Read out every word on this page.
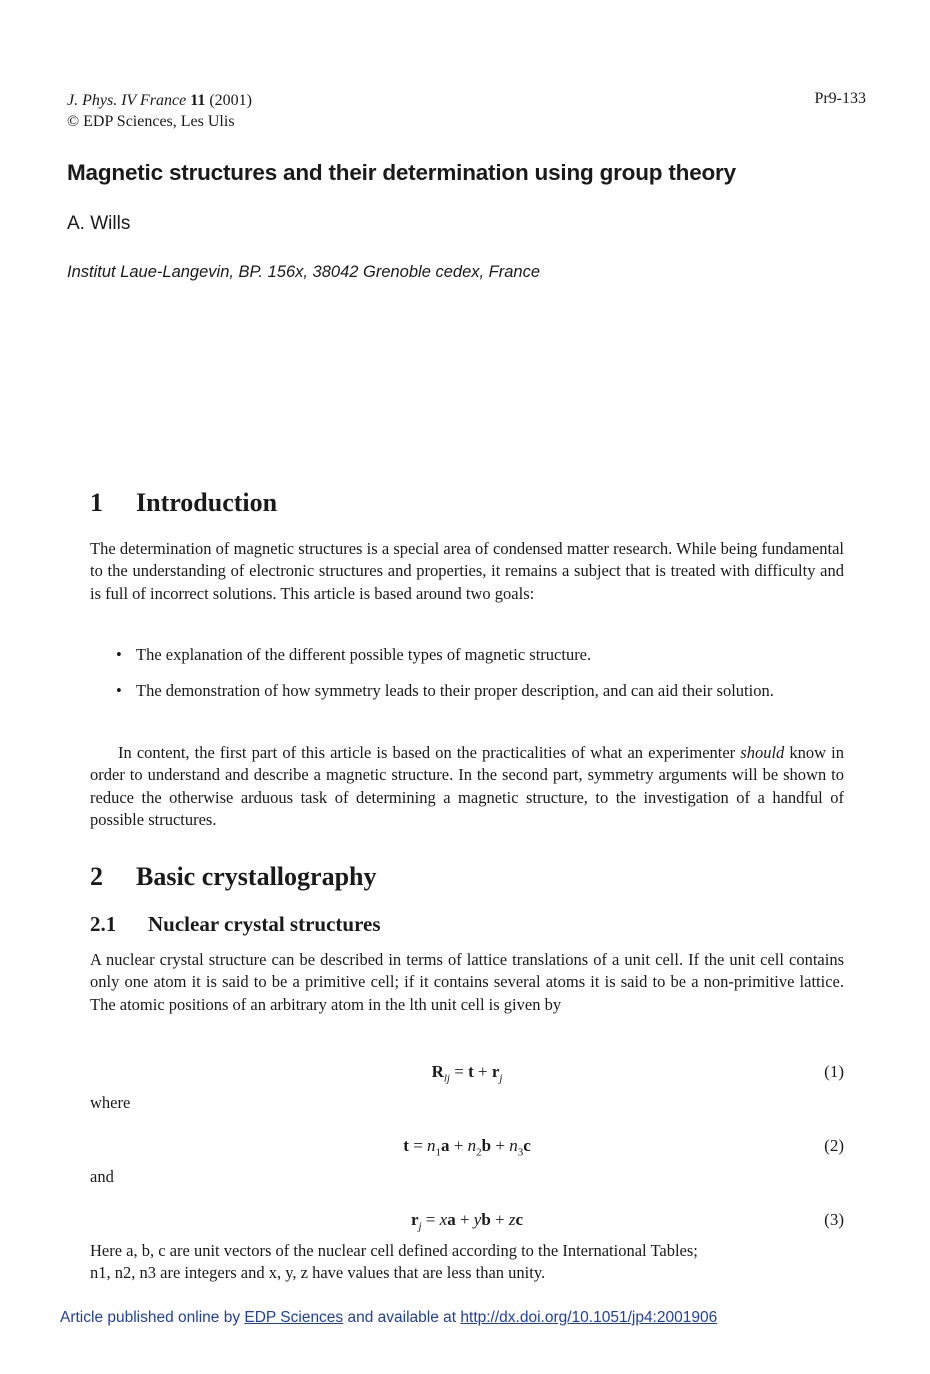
J. Phys. IV France 11 (2001)
© EDP Sciences, Les Ulis
Pr9-133
Magnetic structures and their determination using group theory
A. Wills
Institut Laue-Langevin, BP. 156x, 38042 Grenoble cedex, France
1 Introduction
The determination of magnetic structures is a special area of condensed matter research. While being fundamental to the understanding of electronic structures and properties, it remains a subject that is treated with difficulty and is full of incorrect solutions. This article is based around two goals:
• The explanation of the different possible types of magnetic structure.
• The demonstration of how symmetry leads to their proper description, and can aid their solution.
In content, the first part of this article is based on the practicalities of what an experimenter should know in order to understand and describe a magnetic structure. In the second part, symmetry arguments will be shown to reduce the otherwise arduous task of determining a magnetic structure, to the investigation of a handful of possible structures.
2 Basic crystallography
2.1 Nuclear crystal structures
A nuclear crystal structure can be described in terms of lattice translations of a unit cell. If the unit cell contains only one atom it is said to be a primitive cell; if it contains several atoms it is said to be a non-primitive lattice. The atomic positions of an arbitrary atom in the lth unit cell is given by
$R_{lj} = t + r_j$	(1)
where
$t = n_1a + n_2b + n_3c$	(2)
and
$r_j$ = xa + yb + zc	(3)
Here a, b, c are unit vectors of the nuclear cell defined according to the International Tables;
n1, n2, n3 are integers and x, y, z have values that are less than unity.
Article published online by EDP Sciences and available at http://dx.doi.org/10.1051/jp4:2001906
